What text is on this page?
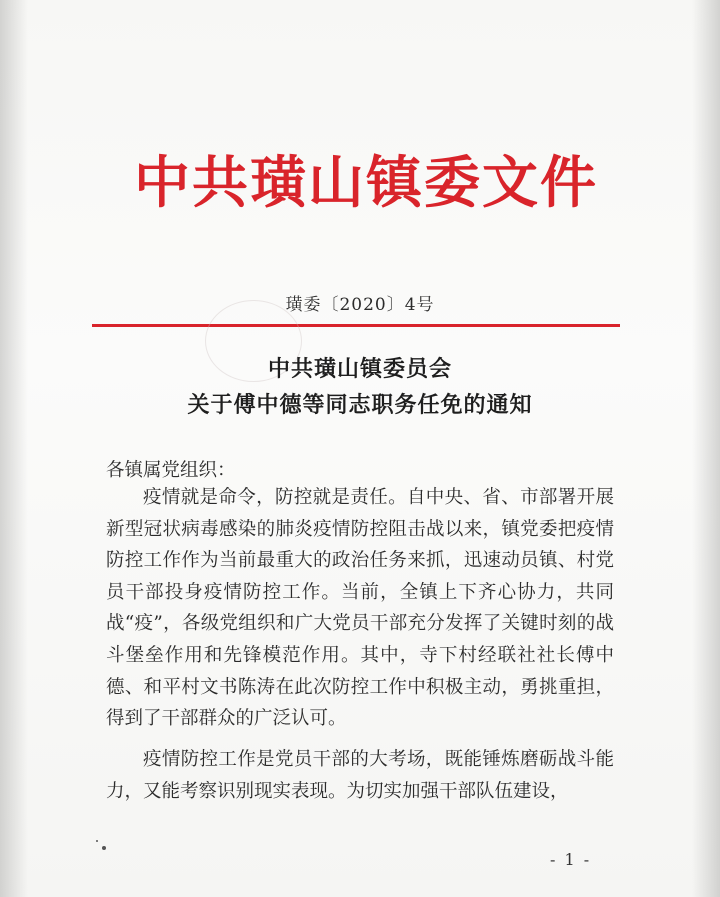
中共璜山镇委文件
璜委〔2020〕4号
中共璜山镇委员会
关于傅中德等同志职务任免的通知
各镇属党组织：

疫情就是命令，防控就是责任。自中央、省、市部署开展新型冠状病毒感染的肺炎疫情防控阻击战以来，镇党委把疫情防控工作作为当前最重大的政治任务来抓，迅速动员镇、村党员干部投身疫情防控工作。当前，全镇上下齐心协力，共同战“疫”，各级党组织和广大党员干部充分发挥了关键时刻的战斗堡垒作用和先锋模范作用。其中，寺下村经联社社长傅中德、和平村文书陈涛在此次防控工作中积极主动，勇挑重担，得到了干部群众的广泛认可。

疫情防控工作是党员干部的大考场，既能锤炼磨砺战斗能力，又能考察识别现实表现。为切实加强干部队伍建设，

- 1 -
